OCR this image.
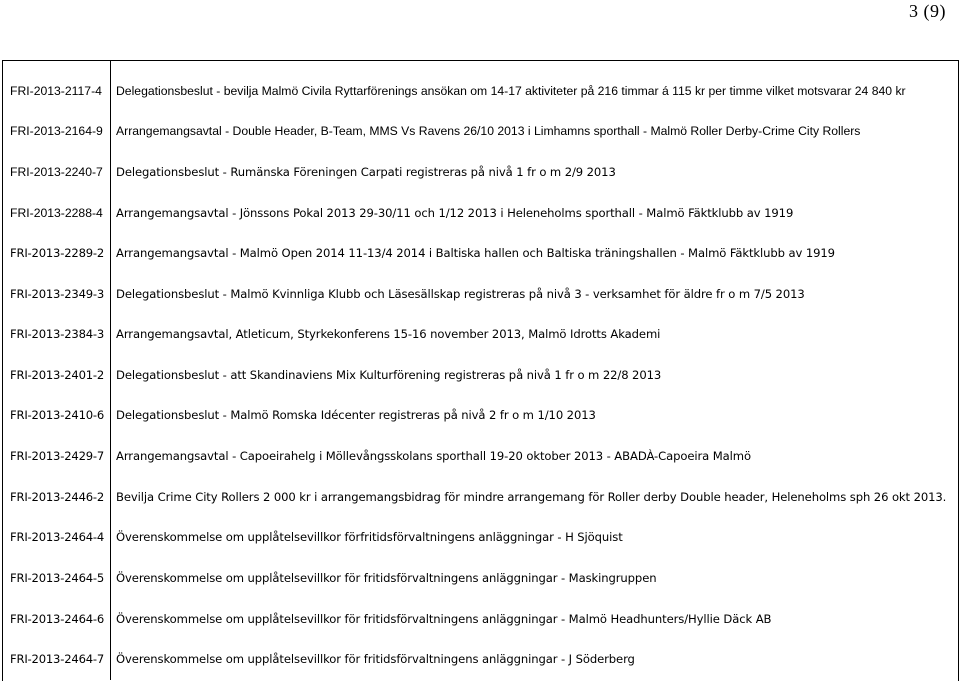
3 (9)
FRI-2013-2117-4 Delegationsbeslut - bevilja Malmö Civila Ryttarförenings ansökan om 14-17 aktiviteter på 216 timmar á 115 kr per timme vilket motsvarar 24 840 kr
FRI-2013-2164-9 Arrangemangsavtal - Double Header, B-Team, MMS Vs Ravens 26/10 2013 i Limhamns sporthall - Malmö Roller Derby-Crime City Rollers
FRI-2013-2240-7 Delegationsbeslut - Rumänska Föreningen Carpati registreras på nivå 1 fr o m 2/9 2013
FRI-2013-2288-4 Arrangemangsavtal - Jönssons Pokal 2013 29-30/11 och 1/12 2013 i Heleneholms sporthall - Malmö Fäktklubb av 1919
FRI-2013-2289-2 Arrangemangsavtal - Malmö Open 2014 11-13/4 2014 i Baltiska hallen och Baltiska träningshallen - Malmö Fäktklubb av 1919
FRI-2013-2349-3 Delegationsbeslut - Malmö Kvinnliga Klubb och Läsesällskap registreras på nivå 3 - verksamhet för äldre fr o m 7/5 2013
FRI-2013-2384-3 Arrangemangsavtal, Atleticum, Styrkekonferens 15-16 november 2013, Malmö Idrotts Akademi
FRI-2013-2401-2 Delegationsbeslut - att Skandinaviens Mix Kulturförening registreras på nivå 1 fr o m 22/8 2013
FRI-2013-2410-6 Delegationsbeslut - Malmö Romska Idécenter registreras på nivå 2 fr o m 1/10 2013
FRI-2013-2429-7 Arrangemangsavtal - Capoeirahelg i Möllevångsskolans sporthall 19-20 oktober 2013 - ABADÀ-Capoeira Malmö
FRI-2013-2446-2 Bevilja Crime City Rollers 2 000 kr i arrangemangsbidrag för mindre arrangemang för Roller derby Double header, Heleneholms sph 26 okt 2013.
FRI-2013-2464-4 Överenskommelse om upplåtelsevillkor förfritidsförvaltningens anläggningar - H Sjöquist
FRI-2013-2464-5 Överenskommelse om upplåtelsevillkor för fritidsförvaltningens anläggningar - Maskingruppen
FRI-2013-2464-6 Överenskommelse om upplåtelsevillkor för fritidsförvaltningens anläggningar - Malmö Headhunters/Hyllie Däck AB
FRI-2013-2464-7 Överenskommelse om upplåtelsevillkor för fritidsförvaltningens anläggningar - J Söderberg
